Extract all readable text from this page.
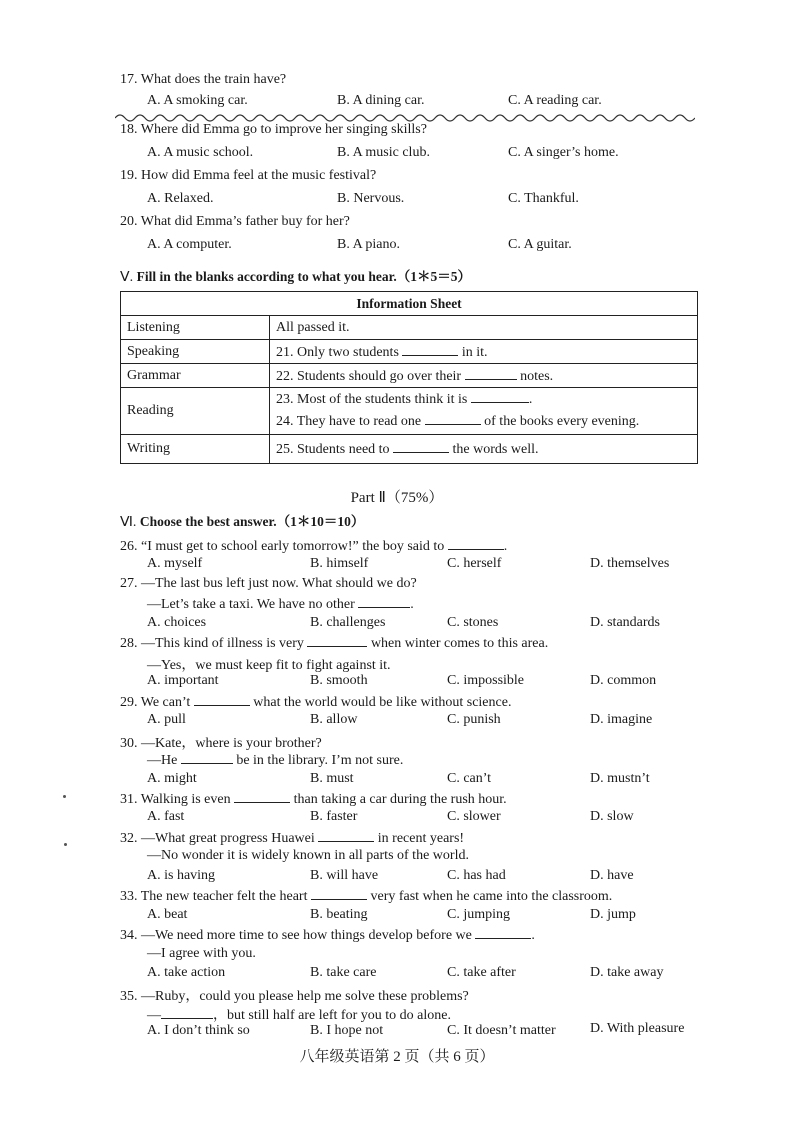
17. What does the train have?
A. A smoking car.	B. A dining car.	C. A reading car.
18. Where did Emma go to improve her singing skills?
A. A music school.	B. A music club.	C. A singer’s home.
19. How did Emma feel at the music festival?
A. Relaxed.	B. Nervous.	C. Thankful.
20. What did Emma’s father buy for her?
A. A computer.	B. A piano.	C. A guitar.
Ⅴ. Fill in the blanks according to what you hear.（1＊5＝5）
Information Sheet	
Listening	All passed it.
Speaking	21. Only two students in it.
Grammar	22. Students should go over their notes.
Reading	23. Most of the students think it is .
24. They have to read one of the books every evening.
Writing	25. Students need to the words well.
Part Ⅱ（75%）
Ⅵ. Choose the best answer.（1＊10＝10）
26. “I must get to school early tomorrow!” the boy said to	.
A. myself	B. himself	C. herself	D. themselves
27. —The last bus left just now. What should we do?
—Let’s take a taxi. We have no other	.
A. choices	B. challenges	C. stones	D. standards
28. —This kind of illness is very	when winter comes to this area.
—Yes，we must keep fit to fight against it.
A. important	B. smooth	C. impossible	D. common
29. We can’t	what the world would be like without science.
A. pull	B. allow	C. punish	D. imagine
30. —Kate，where is your brother?
—He	be in the library. I’m not sure.
A. might	B. must	C. can’t	D. mustn’t
31. Walking is even	than taking a car during the rush hour.
A. fast	B. faster	C. slower	D. slow
32. —What great progress Huawei	in recent years!
—No wonder it is widely known in all parts of the world.
A. is having	B. will have	C. has had	D. have
33. The new teacher felt the heart	very fast when he came into the classroom.
A. beat	B. beating	C. jumping	D. jump
34. —We need more time to see how things develop before we	.
—I agree with you.
A. take action	B. take care	C. take after	D. take away
35. —Ruby，could you please help me solve these problems?
—	，but still half are left for you to do alone.
A. I don’t think so	B. I hope not	C. It doesn’t matter D. With pleasure
八年级英语第 2 页（共 6 页）
